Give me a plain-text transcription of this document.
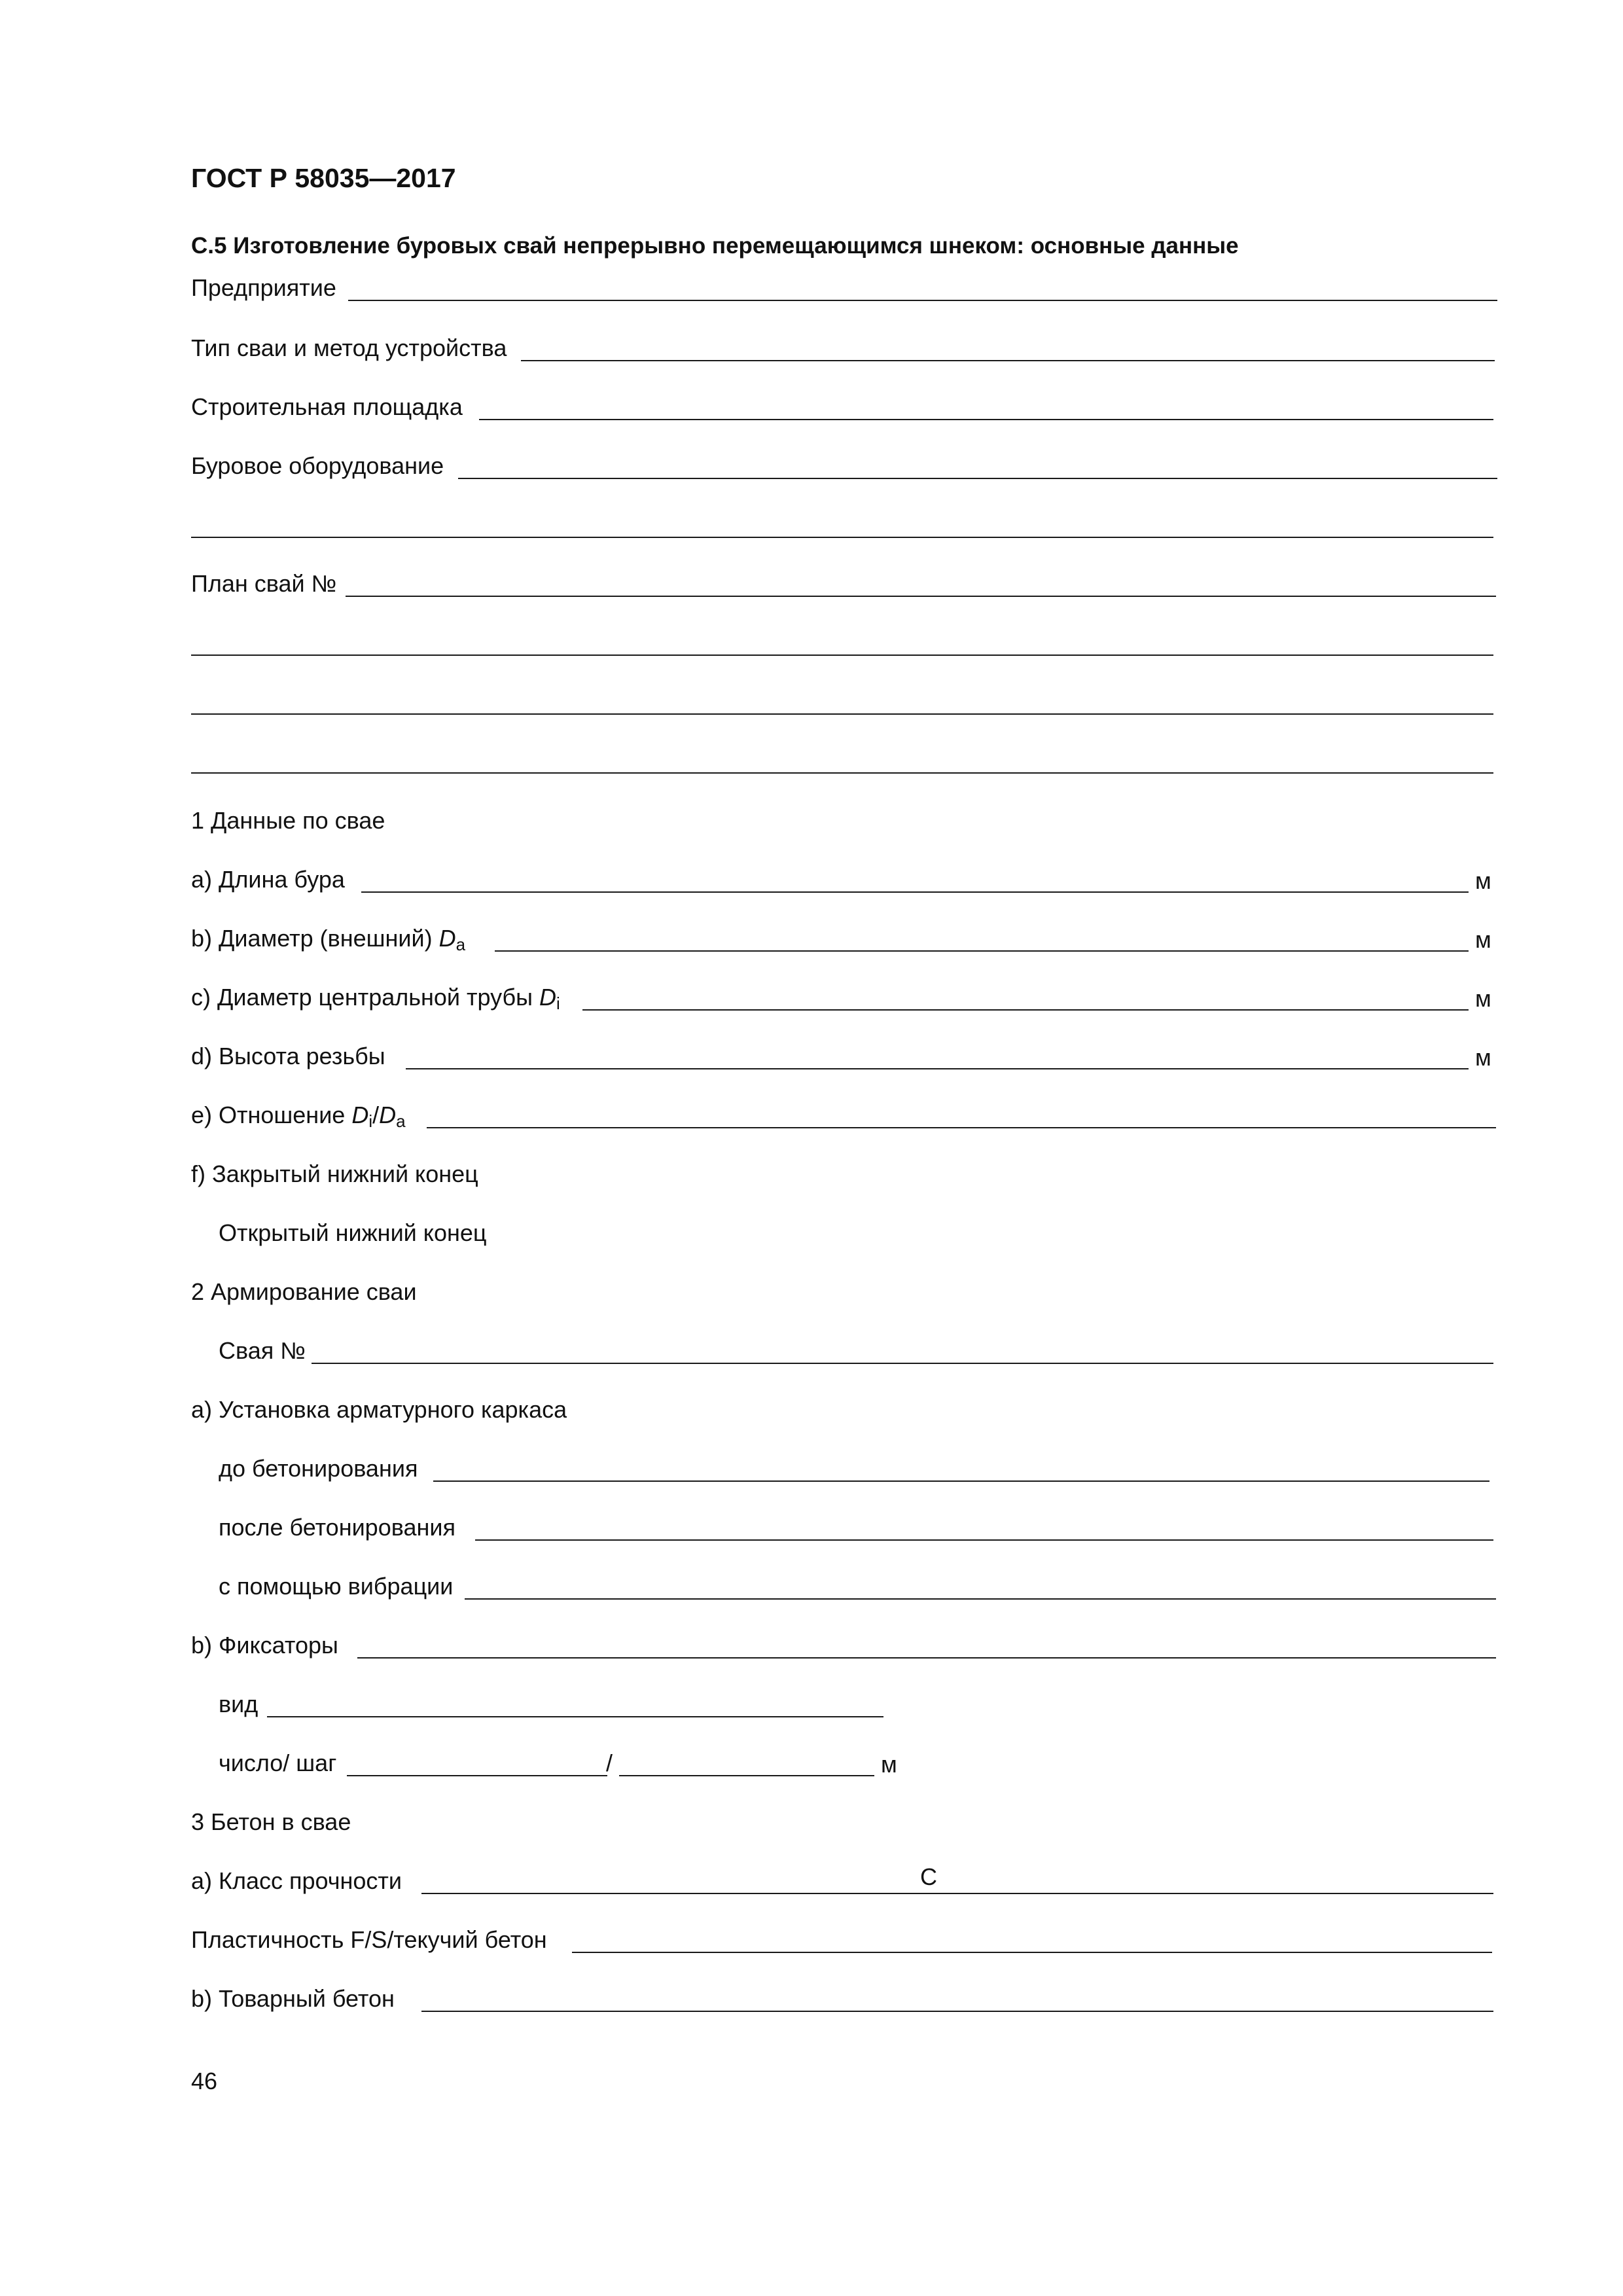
ГОСТ Р 58035—2017
С.5 Изготовление буровых свай непрерывно перемещающимся шнеком: основные данные
Предприятие
Тип сваи и метод устройства
Строительная площадка
Буровое оборудование
План свай №
1 Данные по свае
a) Длина бура	м
b) Диаметр (внешний) $D_a$	м
c) Диаметр центральной трубы $D_i$	м
d) Высота резьбы	м
e) Отношение $D_i/D_a$
f) Закрытый нижний конец
Открытый нижний конец
2 Армирование сваи
Свая №
a) Установка арматурного каркаса
до бетонирования
после бетонирования
с помощью вибрации
b) Фиксаторы
вид
число/ шаг	/	м
3 Бетон в свае
a) Класс прочности	С
Пластичность F/S/текучий бетон
b) Товарный бетон
46
